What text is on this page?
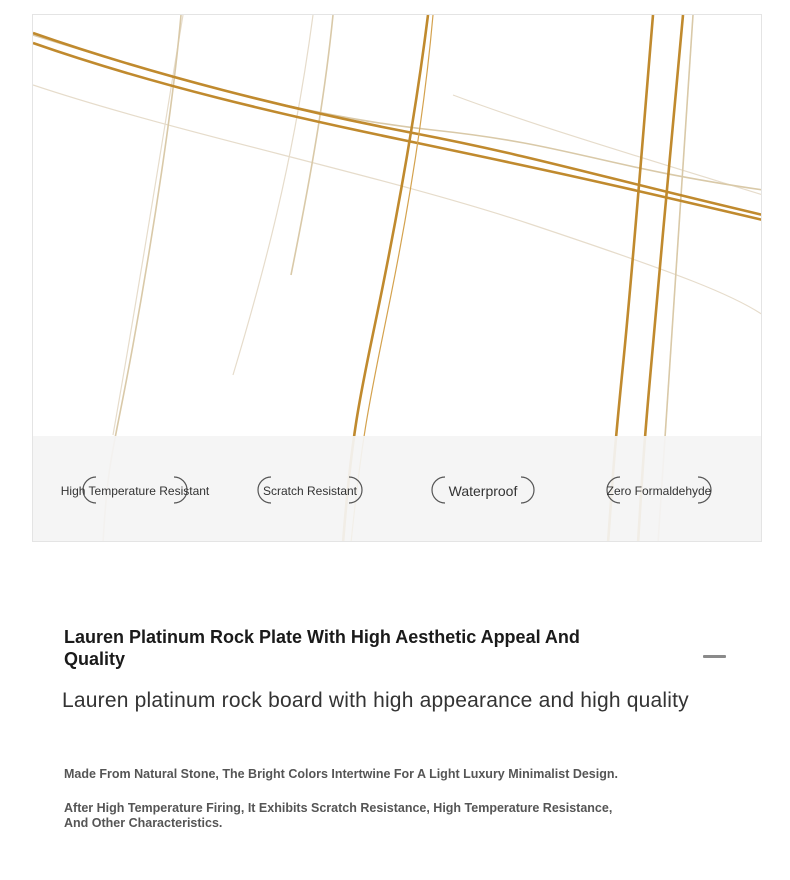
High Temperature Resistant	Scratch Resistant	Waterproof	Zero Formaldehyde
Lauren Platinum Rock Plate With High Aesthetic Appeal And Quality
Lauren platinum rock board with high appearance and high quality

Made From Natural Stone, The Bright Colors Intertwine For A Light Luxury Minimalist Design.

After High Temperature Firing, It Exhibits Scratch Resistance, High Temperature Resistance, And Other Characteristics.
